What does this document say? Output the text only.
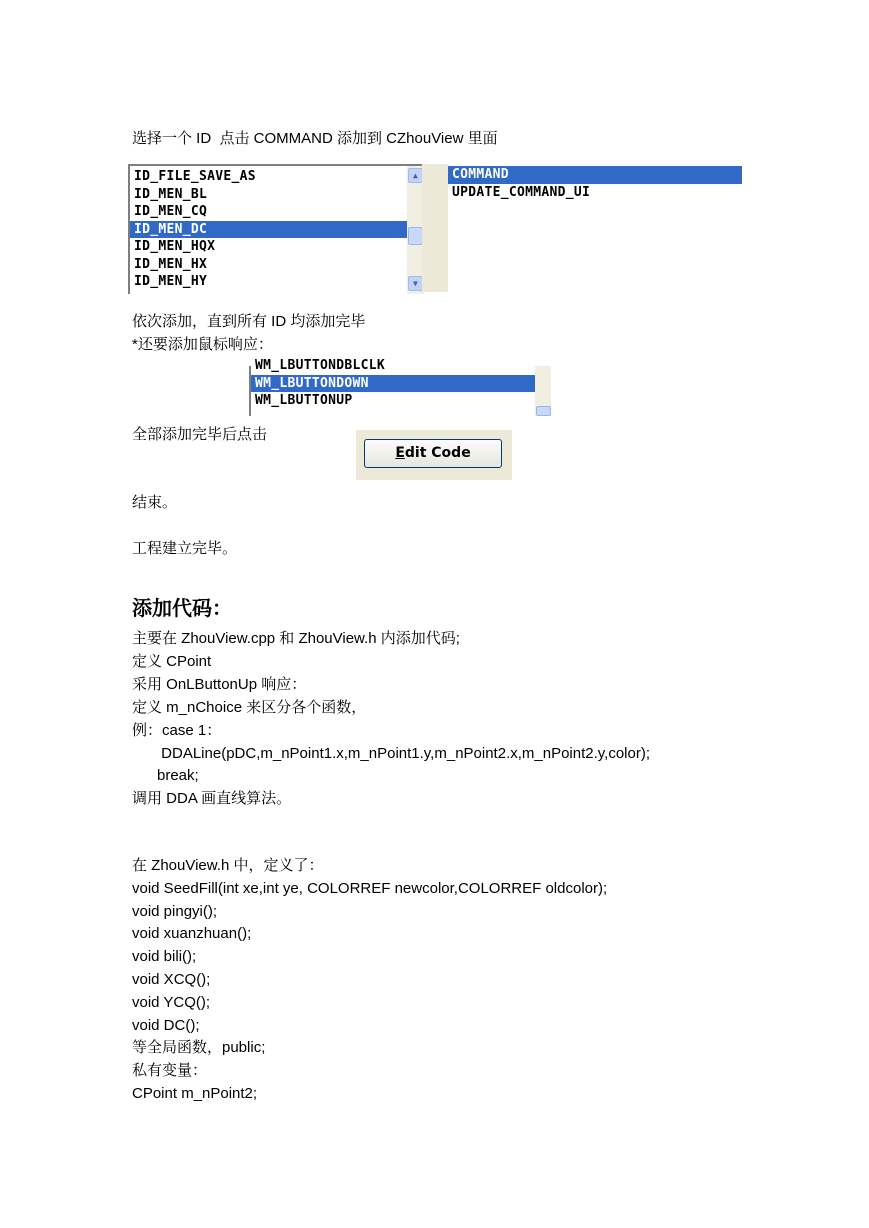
选择一个 ID  点击 COMMAND 添加到 CZhouView 里面
ID_FILE_SAVE_AS
ID_MEN_BL
ID_MEN_CQ
ID_MEN_DC
ID_MEN_HQX
ID_MEN_HX
ID_MEN_HY
▲
▼
COMMAND
UPDATE_COMMAND_UI
依次添加，直到所有 ID 均添加完毕
*还要添加鼠标响应：
WM_LBUTTONDBLCLK
WM_LBUTTONDOWN
WM_LBUTTONUP
全部添加完毕后点击
Edit Code
结束。
工程建立完毕。
添加代码：
主要在 ZhouView.cpp 和 ZhouView.h 内添加代码;
定义 CPoint
采用 OnLButtonUp 响应：
定义 m_nChoice 来区分各个函数，
例：case 1：
DDALine(pDC,m_nPoint1.x,m_nPoint1.y,m_nPoint2.x,m_nPoint2.y,color);
break;
调用 DDA 画直线算法。
在 ZhouView.h 中，定义了：
void SeedFill(int xe,int ye, COLORREF newcolor,COLORREF oldcolor);
void pingyi();
void xuanzhuan();
void bili();
void XCQ();
void YCQ();
void DC();
等全局函数，public;
私有变量：
CPoint m_nPoint2;
